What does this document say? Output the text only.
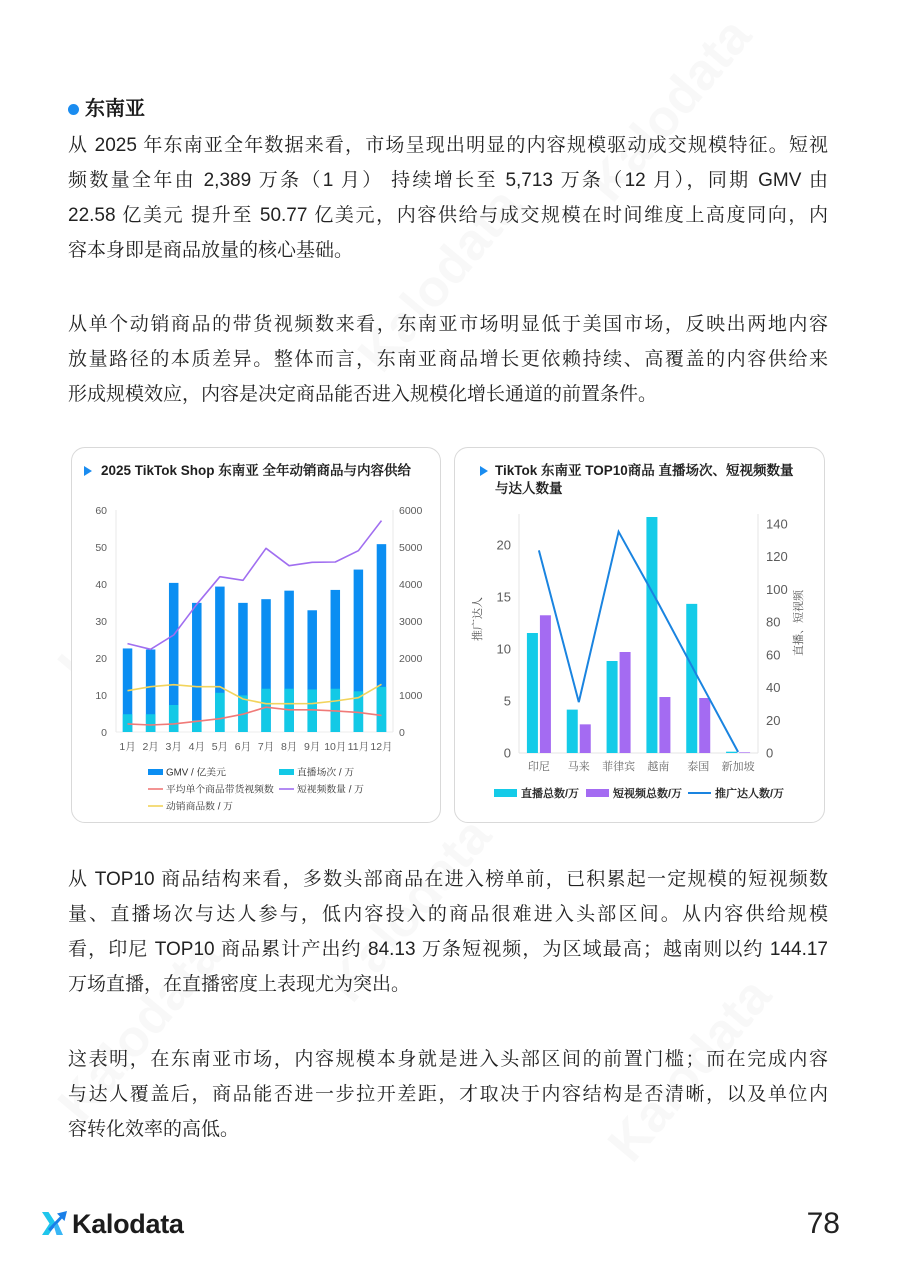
东南亚
从 2025 年东南亚全年数据来看，市场呈现出明显的内容规模驱动成交规模特征。短视
频数量全年由 2,389 万条（1 月） 持续增长至 5,713 万条（12 月），同期 GMV 由
22.58 亿美元 提升至 50.77 亿美元，内容供给与成交规模在时间维度上高度同向，内
容本身即是商品放量的核心基础。
从单个动销商品的带货视频数来看，东南亚市场明显低于美国市场，反映出两地内容
放量路径的本质差异。整体而言，东南亚商品增长更依赖持续、高覆盖的内容供给来
形成规模效应，内容是决定商品能否进入规模化增长通道的前置条件。
2025 TikTok Shop 东南亚 全年动销商品与内容供给
0
10
20
30
40
50
60
0
1000
2000
3000
4000
5000
6000
1月 2月 3月 4月 5月 6月 7月 8月 9月 10月 11月 12月
GMV / 亿美元	直播场次 / 万
平均单个商品带货视频数 短视频数量 / 万
动销商品数 / 万
TikTok 东南亚 TOP10商品 直播场次、短视频数量
与达人数量
0
5
10
15
20
0
20
40
60
80
100
120
140
推广达人	直播、短视频
印尼 马来 菲律宾 越南 泰国 新加坡
直播总数/万	短视频总数/万	推广达人数/万
从 TOP10 商品结构来看，多数头部商品在进入榜单前，已积累起一定规模的短视频数
量、直播场次与达人参与，低内容投入的商品很难进入头部区间。从内容供给规模
看，印尼 TOP10 商品累计产出约 84.13 万条短视频，为区域最高；越南则以约 144.17
万场直播，在直播密度上表现尤为突出。
这表明，在东南亚市场，内容规模本身就是进入头部区间的前置门槛；而在完成内容
与达人覆盖后，商品能否进一步拉开差距，才取决于内容结构是否清晰，以及单位内
容转化效率的高低。
Kalodata	78
